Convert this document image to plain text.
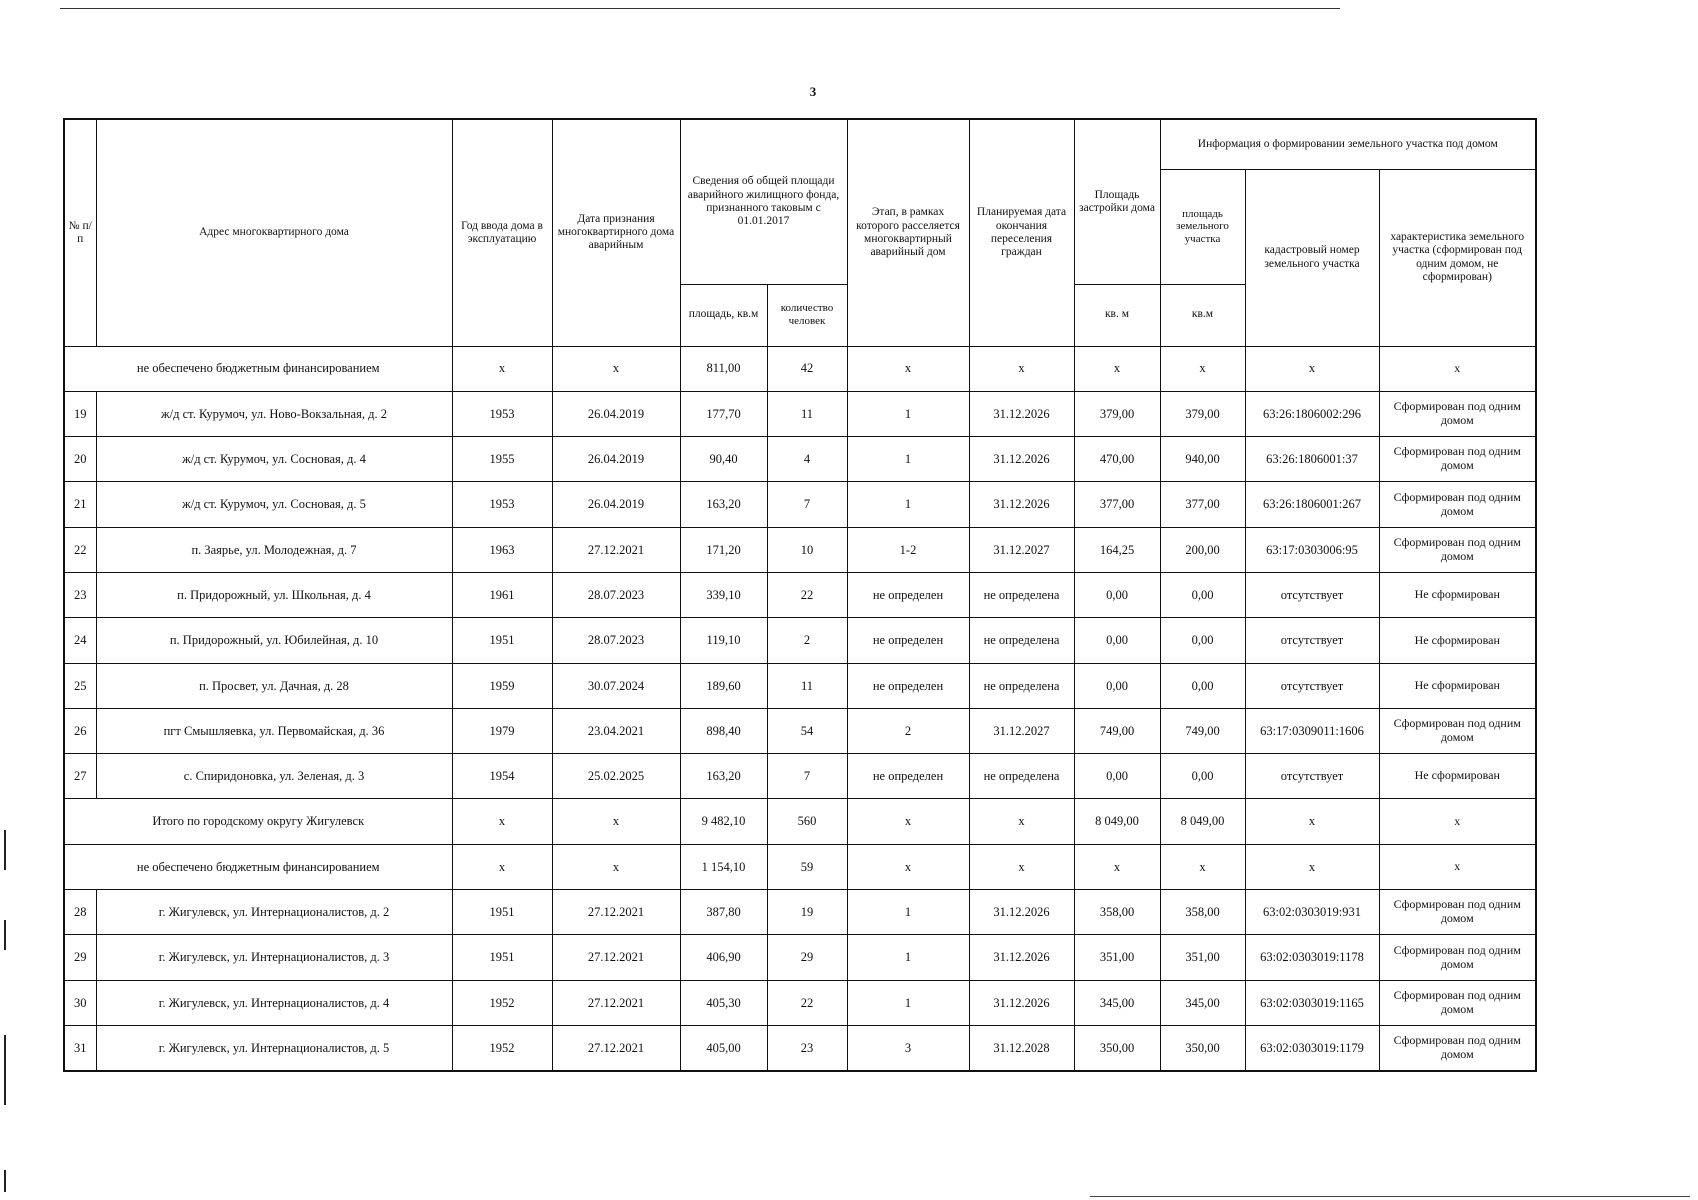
3
№ п/п	Адрес многоквартирного дома	Год ввода дома в эксплуатацию	Дата признания многоквартирного дома аварийным	Сведения об общей площади аварийного жилищного фонда, признанного таковым с 01.01.2017		Этап, в рамках которого расселяется многоквартирный аварийный дом	Планируемая дата окончания переселения граждан	Площадь застройки дома	Информация о формировании земельного участка под домом		
									площадь земельного участка	кадастровый номер земельного участка	характеристика земельного участка (сформирован под одним домом, не сформирован)
				площадь, кв.м	количество человек			кв. м	кв.м		
не обеспечено бюджетным финансированием		х	х	811,00	42	х	х	х	х	х	х
19	ж/д ст. Курумоч, ул. Ново-Вокзальная, д. 2	1953	26.04.2019	177,70	11	1	31.12.2026	379,00	379,00	63:26:1806002:296	Сформирован под одним домом
20	ж/д ст. Курумоч, ул. Сосновая, д. 4	1955	26.04.2019	90,40	4	1	31.12.2026	470,00	940,00	63:26:1806001:37	Сформирован под одним домом
21	ж/д ст. Курумоч, ул. Сосновая, д. 5	1953	26.04.2019	163,20	7	1	31.12.2026	377,00	377,00	63:26:1806001:267	Сформирован под одним домом
22	п. Заярье, ул. Молодежная, д. 7	1963	27.12.2021	171,20	10	1-2	31.12.2027	164,25	200,00	63:17:0303006:95	Сформирован под одним домом
23	п. Придорожный, ул. Школьная, д. 4	1961	28.07.2023	339,10	22	не определен	не определена	0,00	0,00	отсутствует	Не сформирован
24	п. Придорожный, ул. Юбилейная, д. 10	1951	28.07.2023	119,10	2	не определен	не определена	0,00	0,00	отсутствует	Не сформирован
25	п. Просвет, ул. Дачная, д. 28	1959	30.07.2024	189,60	11	не определен	не определена	0,00	0,00	отсутствует	Не сформирован
26	пгт Смышляевка, ул. Первомайская, д. 36	1979	23.04.2021	898,40	54	2	31.12.2027	749,00	749,00	63:17:0309011:1606	Сформирован под одним домом
27	с. Спиридоновка, ул. Зеленая, д. 3	1954	25.02.2025	163,20	7	не определен	не определена	0,00	0,00	отсутствует	Не сформирован
Итого по городскому округу Жигулевск		х	х	9 482,10	560	х	х	8 049,00	8 049,00	х	х
не обеспечено бюджетным финансированием		х	х	1 154,10	59	х	х	х	х	х	х
28	г. Жигулевск, ул. Интернационалистов, д. 2	1951	27.12.2021	387,80	19	1	31.12.2026	358,00	358,00	63:02:0303019:931	Сформирован под одним домом
29	г. Жигулевск, ул. Интернационалистов, д. 3	1951	27.12.2021	406,90	29	1	31.12.2026	351,00	351,00	63:02:0303019:1178	Сформирован под одним домом
30	г. Жигулевск, ул. Интернационалистов, д. 4	1952	27.12.2021	405,30	22	1	31.12.2026	345,00	345,00	63:02:0303019:1165	Сформирован под одним домом
31	г. Жигулевск, ул. Интернационалистов, д. 5	1952	27.12.2021	405,00	23	3	31.12.2028	350,00	350,00	63:02:0303019:1179	Сформирован под одним домом
